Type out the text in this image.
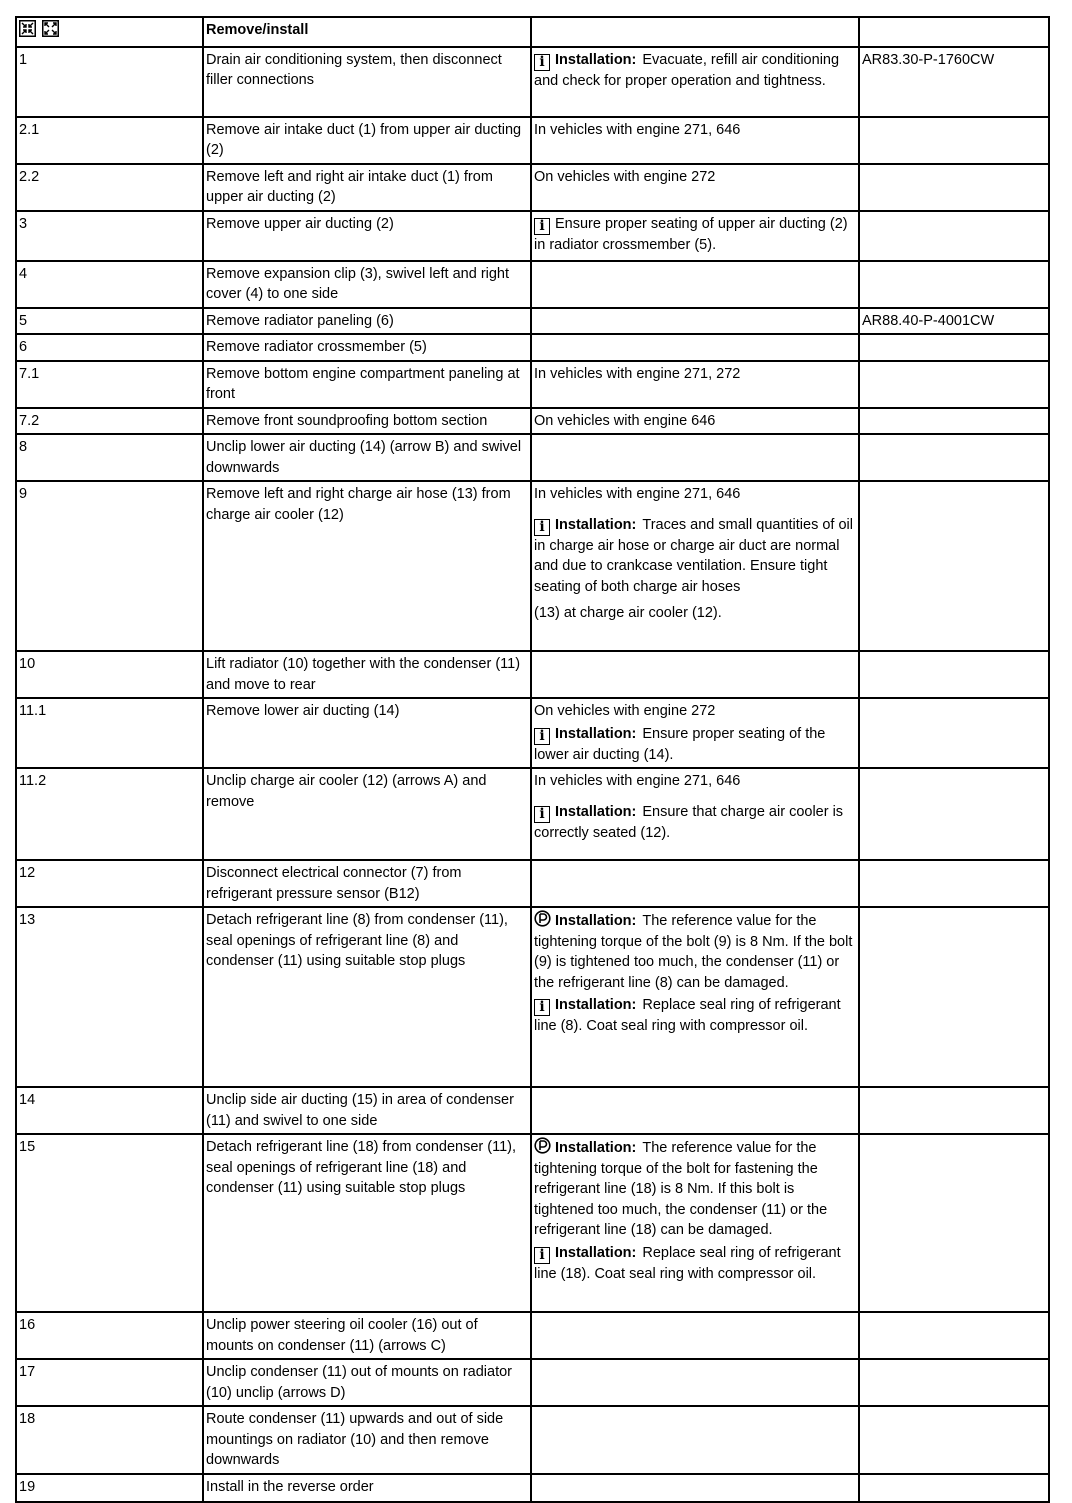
	Remove/install		
1	Drain air conditioning system, then disconnect filler connections	i Installation: Evacuate, refill air conditioning and check for proper operation and tightness.	AR83.30-P-1760CW
2.1	Remove air intake duct (1) from upper air ducting (2)	In vehicles with engine 271, 646	
2.2	Remove left and right air intake duct (1) from upper air ducting (2)	On vehicles with engine 272	
3	Remove upper air ducting (2)	i Ensure proper seating of upper air ducting (2) in radiator crossmember (5).	
4	Remove expansion clip (3), swivel left and right cover (4) to one side		
5	Remove radiator paneling (6)		AR88.40-P-4001CW
6	Remove radiator crossmember (5)		
7.1	Remove bottom engine compartment paneling at front	In vehicles with engine 271, 272	
7.2	Remove front soundproofing bottom section	On vehicles with engine 646	
8	Unclip lower air ducting (14) (arrow B) and swivel downwards		
9	Remove left and right charge air hose (13) from charge air cooler (12)	In vehicles with engine 271, 646
i Installation: Traces and small quantities of oil in charge air hose or charge air duct are normal and due to crankcase ventilation. Ensure tight seating of both charge air hoses
(13) at charge air cooler (12).	

10	Lift radiator (10) together with the condenser (11) and move to rear		
11.1	Remove lower air ducting (14)	On vehicles with engine 272
i Installation: Ensure proper seating of the lower air ducting (14).	

11.2	Unclip charge air cooler (12) (arrows A) and remove	In vehicles with engine 271, 646
i Installation: Ensure that charge air cooler is correctly seated (12).	

12	Disconnect electrical connector (7) from refrigerant pressure sensor (B12)		
13	Detach refrigerant line (8) from condenser (11), seal openings of refrigerant line (8) and condenser (11) using suitable stop plugs	Installation: The reference value for the tightening torque of the bolt (9) is 8 Nm. If the bolt (9) is tightened too much, the condenser (11) or the refrigerant line (8) can be damaged.
i Installation: Replace seal ring of refrigerant line (8). Coat seal ring with compressor oil.	

14	Unclip side air ducting (15) in area of condenser (11) and swivel to one side		
15	Detach refrigerant line (18) from condenser (11), seal openings of refrigerant line (18) and condenser (11) using suitable stop plugs	Installation: The reference value for the tightening torque of the bolt for fastening the refrigerant line (18) is 8 Nm. If this bolt is tightened too much, the condenser (11) or the refrigerant line (18) can be damaged.
i Installation: Replace seal ring of refrigerant line (18). Coat seal ring with compressor oil.	

16	Unclip power steering oil cooler (16) out of mounts on condenser (11) (arrows C)		
17	Unclip condenser (11) out of mounts on radiator (10) unclip (arrows D)		
18	Route condenser (11) upwards and out of side mountings on radiator (10) and then remove downwards		
19	Install in the reverse order		
